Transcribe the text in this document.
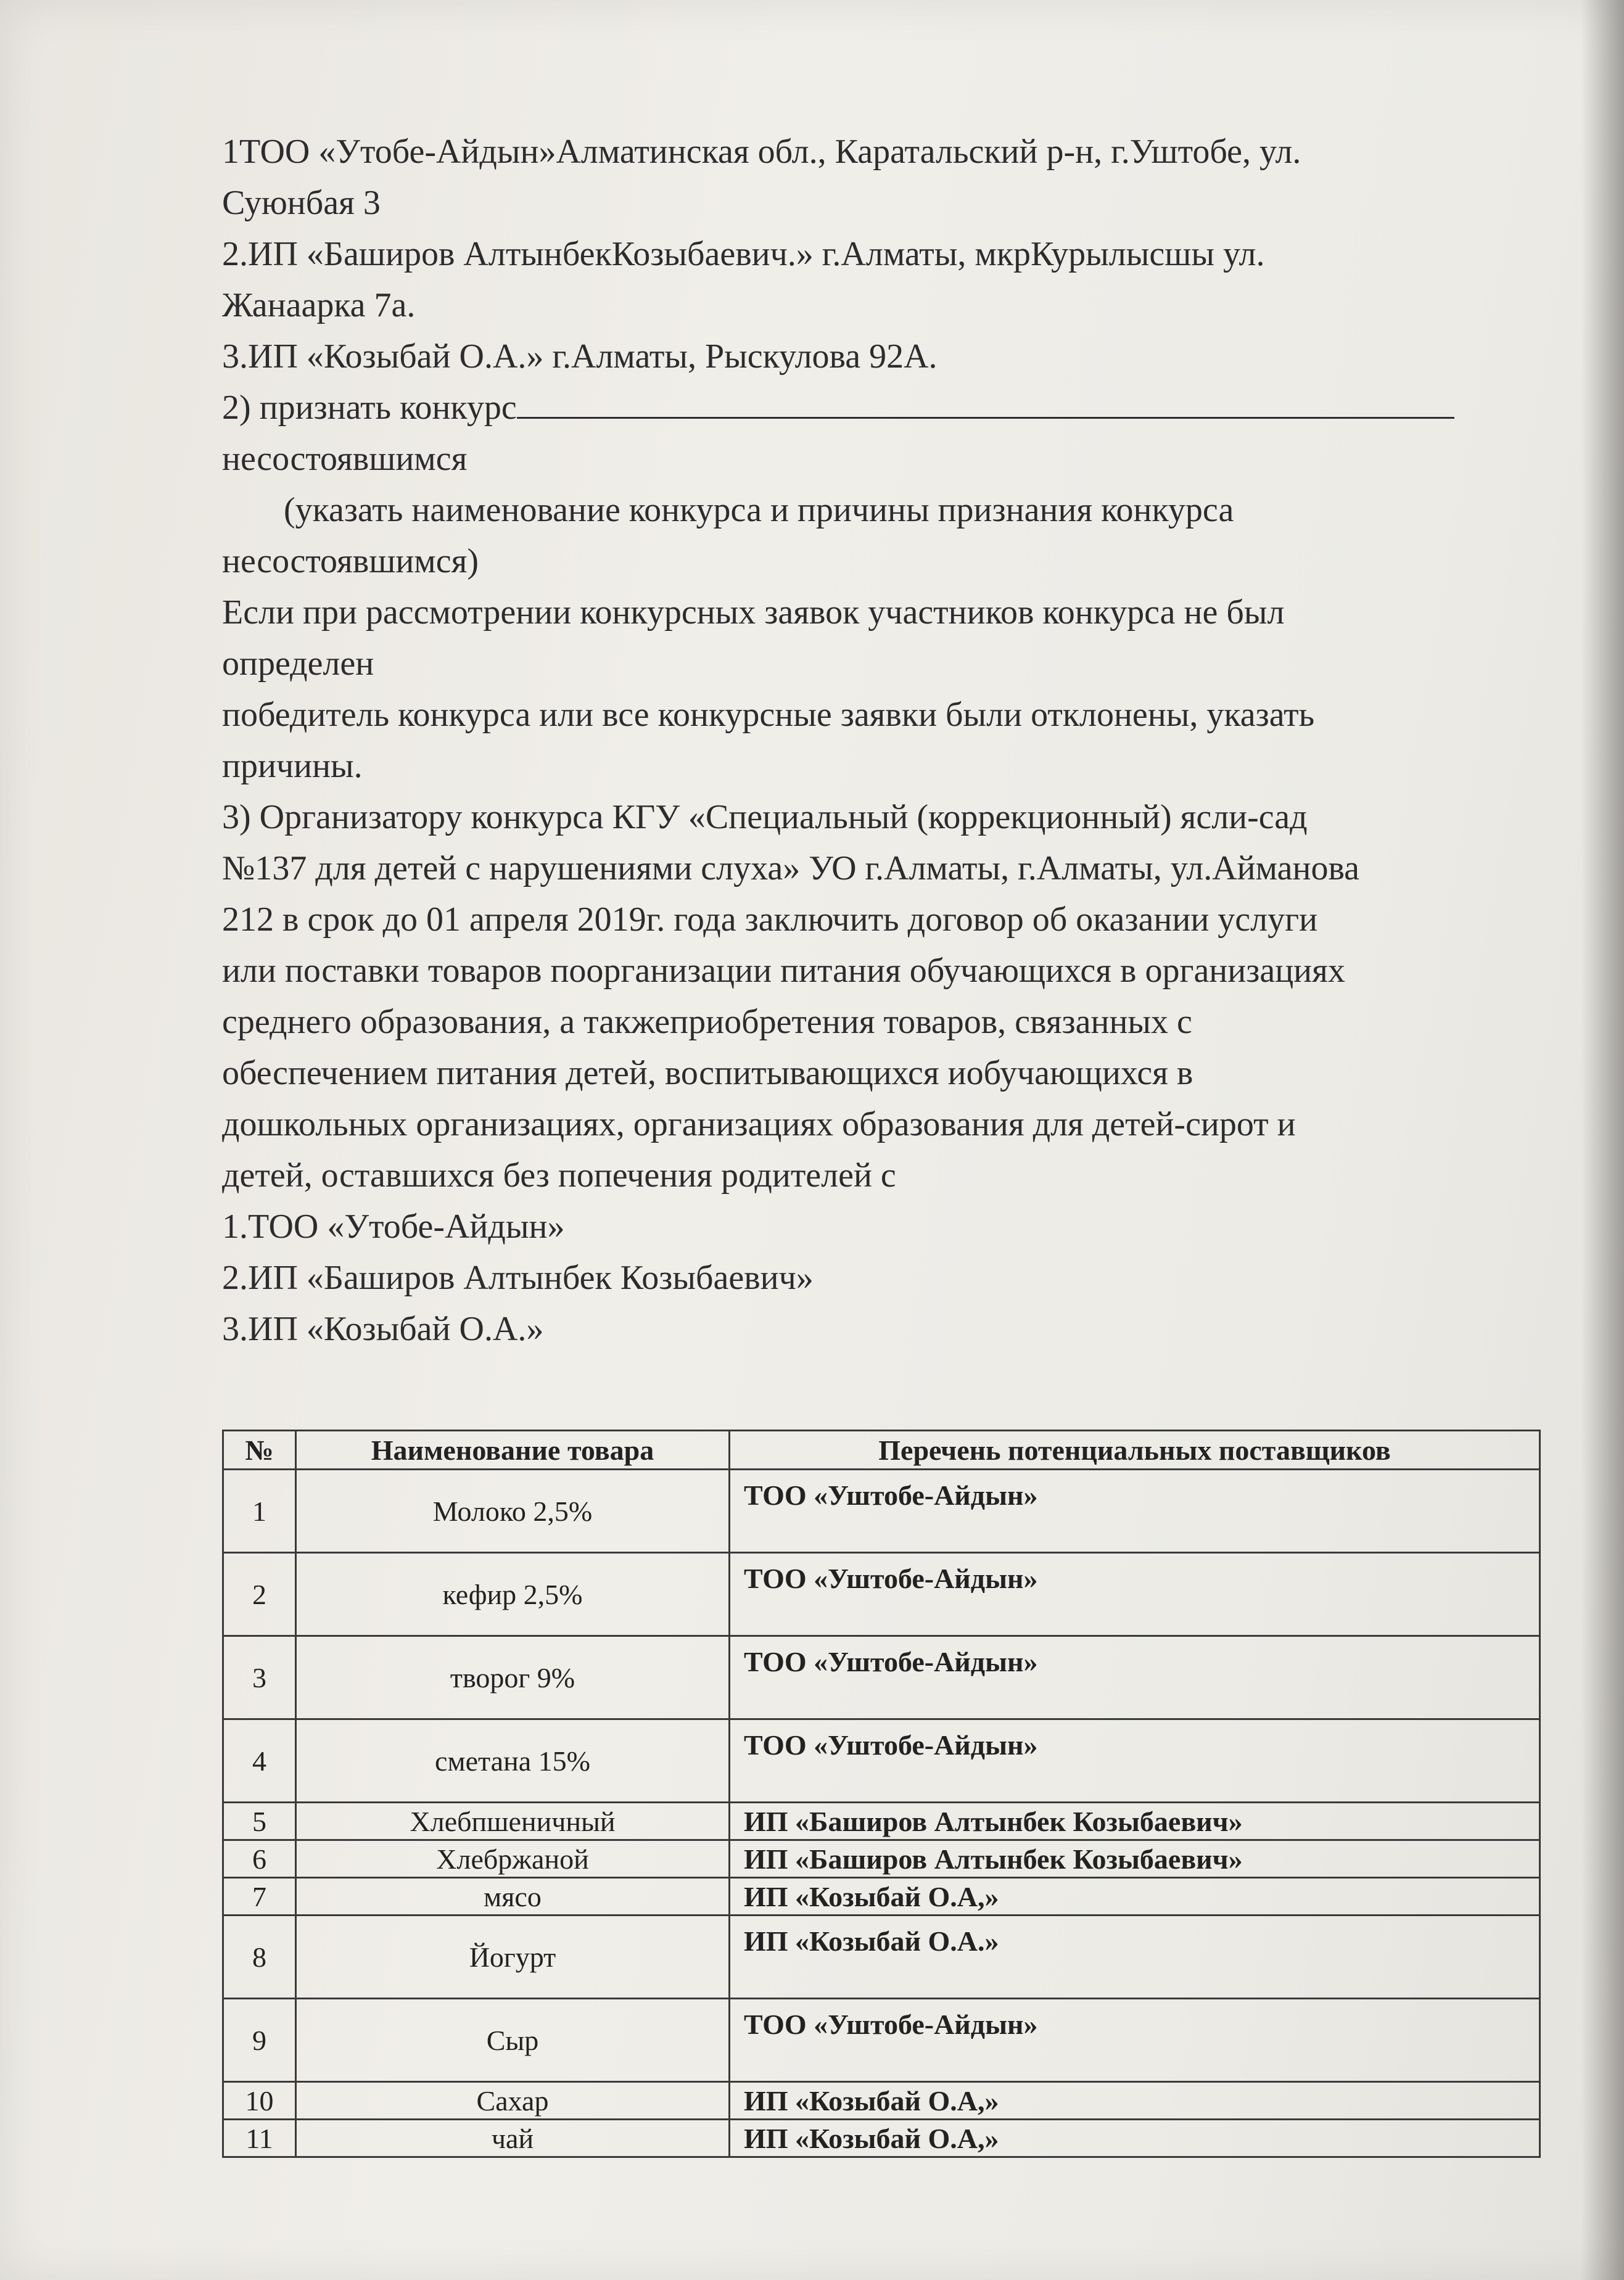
1ТОО «Утобе-Айдын»Алматинская обл., Каратальский р-н, г.Уштобе, ул.

Суюнбая 3

2.ИП «Баширов АлтынбекКозыбаевич.» г.Алматы, мкрКурылысшы ул.

Жанаарка 7а.

3.ИП «Козыбай О.А.» г.Алматы, Рыскулова 92А.

2) признать конкурс

несостоявшимся

(указать наименование конкурса и причины признания конкурса

несостоявшимся)

Если при рассмотрении конкурсных заявок участников конкурса не был

определен

победитель конкурса или все конкурсные заявки были отклонены, указать

причины.

3) Организатору конкурса КГУ «Специальный (коррекционный) ясли-сад

№137 для детей с нарушениями слуха» УО г.Алматы, г.Алматы, ул.Айманова

212 в срок до 01 апреля 2019г. года заключить договор об оказании услуги

или поставки товаров поорганизации питания обучающихся в организациях

среднего образования, а такжеприобретения товаров, связанных с

обеспечением питания детей, воспитывающихся иобучающихся в

дошкольных организациях, организациях образования для детей-сирот и

детей, оставшихся без попечения родителей с

1.ТОО «Утобе-Айдын»

2.ИП «Баширов Алтынбек Козыбаевич»

3.ИП «Козыбай О.А.»

№	Наименование товара	Перечень потенциальных поставщиков
1	Молоко 2,5%	ТОО «Уштобе-Айдын»
2	кефир 2,5%	ТОО «Уштобе-Айдын»
3	творог 9%	ТОО «Уштобе-Айдын»
4	сметана 15%	ТОО «Уштобе-Айдын»
5	Хлебпшеничный	ИП «Баширов Алтынбек Козыбаевич»
6	Хлебржаной	ИП «Баширов Алтынбек Козыбаевич»
7	мясо	ИП «Козыбай О.А,»
8	Йогурт	ИП «Козыбай О.А.»
9	Сыр	ТОО «Уштобе-Айдын»
10	Сахар	ИП «Козыбай О.А,»
11	чай	ИП «Козыбай О.А,»
